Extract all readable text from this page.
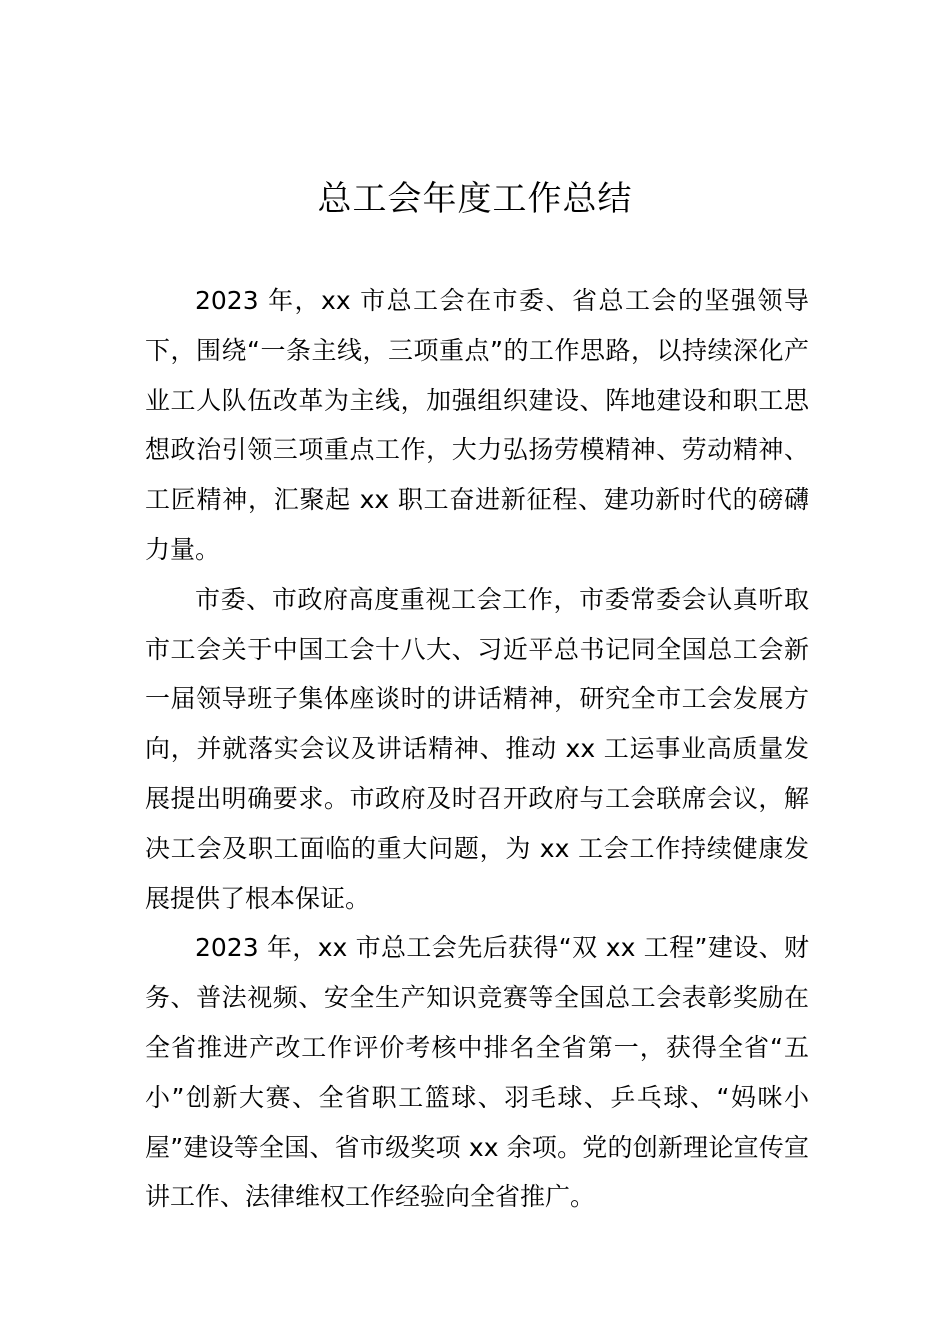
总工会年度工作总结

2023 年，xx 市总工会在市委、省总工会的坚强领导下，围绕“一条主线，三项重点”的工作思路，以持续深化产业工人队伍改革为主线，加强组织建设、阵地建设和职工思想政治引领三项重点工作，大力弘扬劳模精神、劳动精神、工匠精神，汇聚起 xx 职工奋进新征程、建功新时代的磅礴力量。

市委、市政府高度重视工会工作，市委常委会认真听取市工会关于中国工会十八大、习近平总书记同全国总工会新一届领导班子集体座谈时的讲话精神，研究全市工会发展方向，并就落实会议及讲话精神、推动 xx 工运事业高质量发展提出明确要求。市政府及时召开政府与工会联席会议，解决工会及职工面临的重大问题，为 xx 工会工作持续健康发展提供了根本保证。

2023 年，xx 市总工会先后获得“双 xx 工程”建设、财务、普法视频、安全生产知识竞赛等全国总工会表彰奖励在全省推进产改工作评价考核中排名全省第一，获得全省“五小”创新大赛、全省职工篮球、羽毛球、乒乓球、“妈咪小屋”建设等全国、省市级奖项 xx 余项。党的创新理论宣传宣讲工作、法律维权工作经验向全省推广。
